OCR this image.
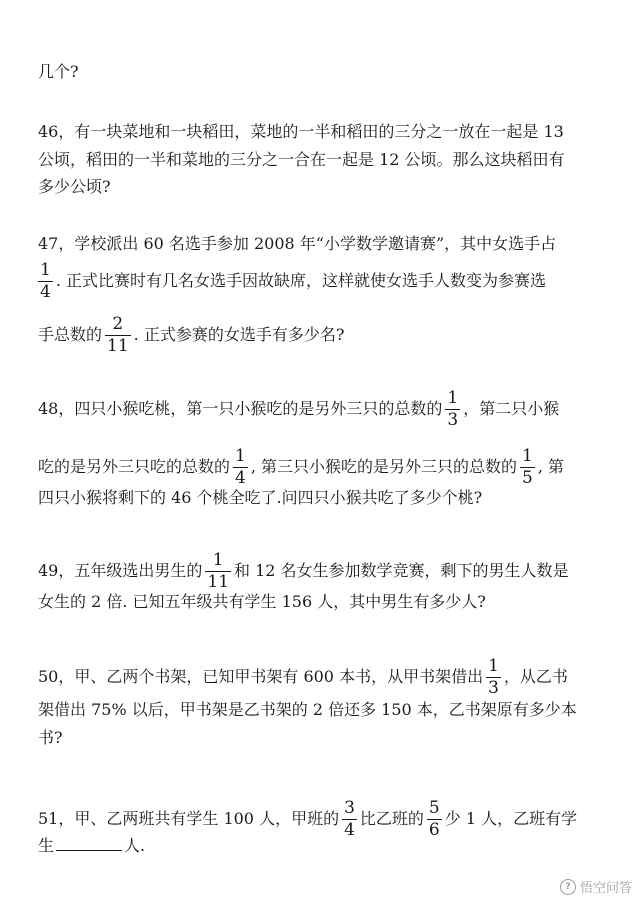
几个?
46，有一块菜地和一块稻田，菜地的一半和稻田的三分之一放在一起是 13
公顷，稻田的一半和菜地的三分之一合在一起是 12 公顷。那么这块稻田有
多少公顷?
47，学校派出 60 名选手参加 2008 年“小学数学邀请赛”，其中女选手占
$\frac{1}{4}$ . 正式比赛时有几名女选手因故缺席，这样就使女选手人数变为参赛选
手总数的 $\frac{2}{11}$ . 正式参赛的女选手有多少名?
48，四只小猴吃桃，第一只小猴吃的是另外三只的总数的 $\frac{1}{3}$ ，第二只小猴
吃的是另外三只吃的总数的 $\frac{1}{4}$ , 第三只小猴吃的是另外三只的总数的 $\frac{1}{5}$ , 第
四只小猴将剩下的 46 个桃全吃了.问四只小猴共吃了多少个桃?
49，五年级选出男生的 $\frac{1}{11}$ 和 12 名女生参加数学竞赛，剩下的男生人数是
女生的 2 倍. 已知五年级共有学生 156 人，其中男生有多少人?
50，甲、乙两个书架，已知甲书架有 600 本书，从甲书架借出 $\frac{1}{3}$ ，从乙书
架借出 75% 以后，甲书架是乙书架的 2 倍还多 150 本，乙书架原有多少本
书?
51，甲、乙两班共有学生 100 人，甲班的 $\frac{3}{4}$ 比乙班的 $\frac{5}{6}$ 少 1 人，乙班有学
生	人.
? 悟空问答
